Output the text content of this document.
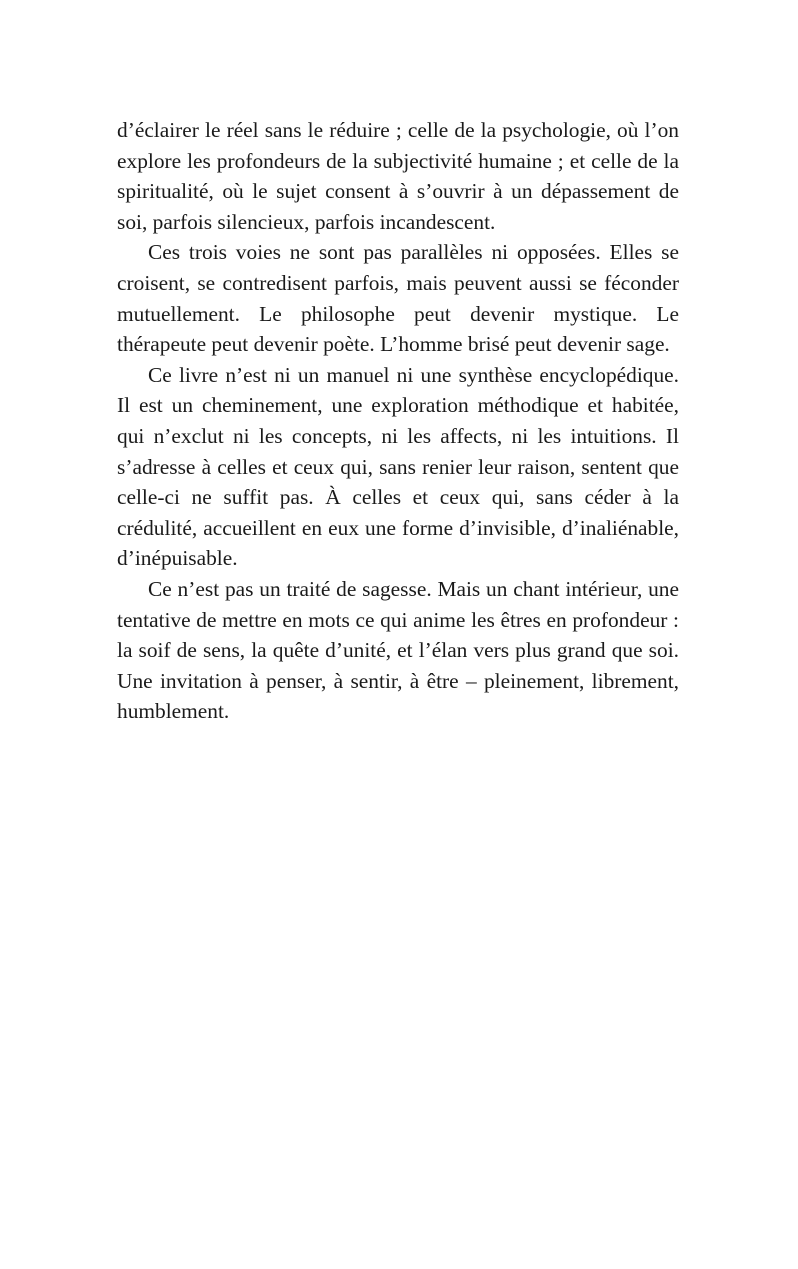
d’éclairer le réel sans le réduire ; celle de la psychologie, où l’on explore les profondeurs de la subjectivité humaine ; et celle de la spiritualité, où le sujet consent à s’ouvrir à un dépassement de soi, parfois silencieux, parfois incandescent.

Ces trois voies ne sont pas parallèles ni opposées. Elles se croisent, se contredisent parfois, mais peuvent aussi se féconder mutuellement. Le philosophe peut devenir mystique. Le thérapeute peut devenir poète. L’homme brisé peut devenir sage.

Ce livre n’est ni un manuel ni une synthèse encyclopédique. Il est un cheminement, une exploration méthodique et habitée, qui n’exclut ni les concepts, ni les affects, ni les intuitions. Il s’adresse à celles et ceux qui, sans renier leur raison, sentent que celle-ci ne suffit pas. À celles et ceux qui, sans céder à la crédulité, accueillent en eux une forme d’invisible, d’inaliénable, d’inépuisable.

Ce n’est pas un traité de sagesse. Mais un chant intérieur, une tentative de mettre en mots ce qui anime les êtres en profondeur : la soif de sens, la quête d’unité, et l’élan vers plus grand que soi. Une invitation à penser, à sentir, à être – pleinement, librement, humblement.
